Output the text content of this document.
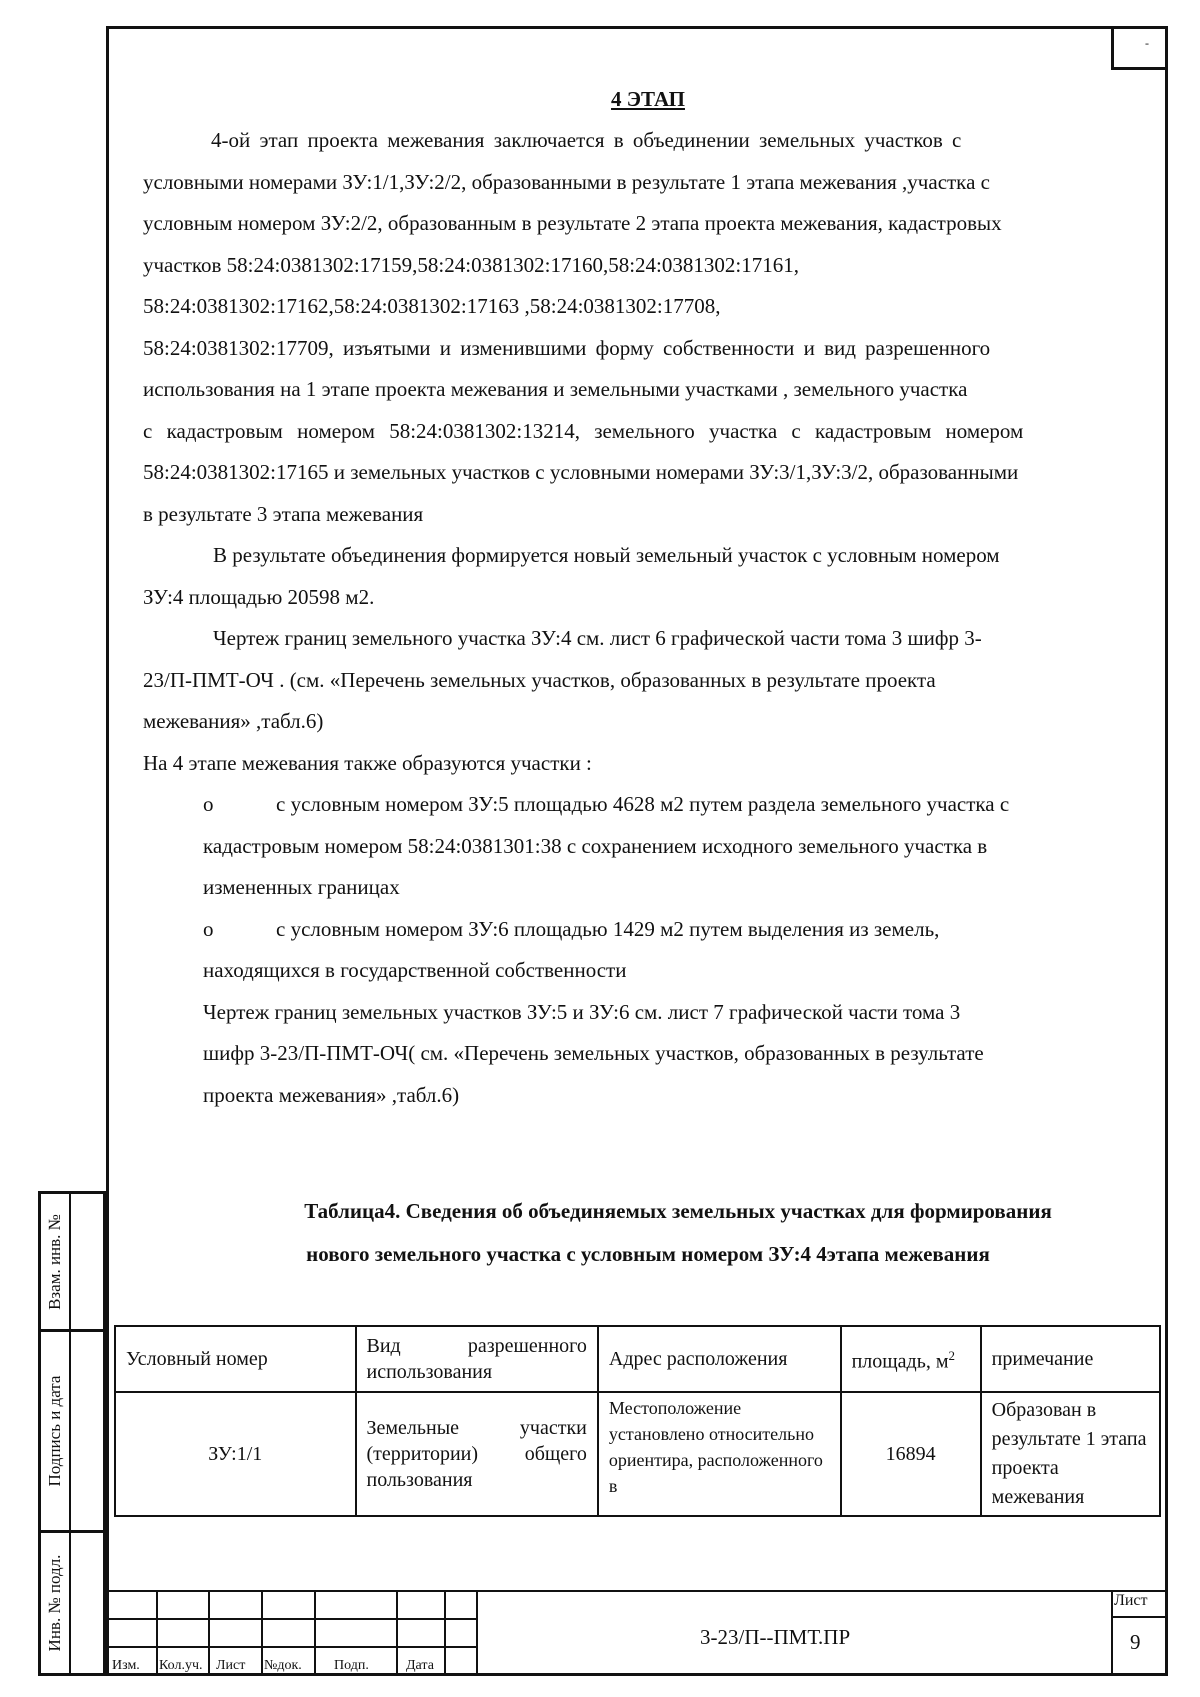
-
Взам. инв. №
Подпись и дата
Инв. № подл.
4 ЭТАП
4-ой этап проекта межевания заключается в объединении земельных участков с
условными номерами ЗУ:1/1,ЗУ:2/2, образованными в результате 1 этапа межевания ,участка с
условным номером ЗУ:2/2, образованным в результате 2 этапа проекта межевания, кадастровых
участков 58:24:0381302:17159,58:24:0381302:17160,58:24:0381302:17161,
58:24:0381302:17162,58:24:0381302:17163 ,58:24:0381302:17708,
58:24:0381302:17709, изъятыми и изменившими форму собственности и вид разрешенного
использования на 1 этапе проекта межевания и земельными участками , земельного участка
с кадастровым номером 58:24:0381302:13214, земельного участка с кадастровым номером
58:24:0381302:17165 и земельных участков с условными номерами ЗУ:3/1,ЗУ:3/2, образованными
в результате 3 этапа межевания
В результате объединения формируется новый земельный участок с условным номером
ЗУ:4 площадью 20598 м2.
Чертеж границ земельного участка ЗУ:4 см. лист 6 графической части тома 3 шифр 3-
23/П-ПМТ-ОЧ . (см. «Перечень земельных участков, образованных в результате проекта
межевания» ,табл.6)
На 4 этапе межевания также образуются участки :
o	с условным номером ЗУ:5 площадью 4628 м2 путем раздела земельного участка с
кадастровым номером 58:24:0381301:38 с сохранением исходного земельного участка в
измененных границах
o	с условным номером ЗУ:6 площадью 1429 м2 путем выделения из земель,
находящихся в государственной собственности
Чертеж границ земельных участков ЗУ:5 и ЗУ:6 см. лист 7 графической части тома 3
шифр 3-23/П-ПМТ-ОЧ( см. «Перечень земельных участков, образованных в результате
проекта межевания» ,табл.6)
Таблица4. Сведения об объединяемых земельных участках для формирования
нового земельного участка с условным номером ЗУ:4 4этапа межевания
Условный номер	Вид разрешенного использования	Адрес расположения	площадь, $м^2$	примечание
ЗУ:1/1	Земельные участки (территории) общего пользования	Местоположение установлено относительно ориентира, расположенного в	16894	Образован в результате 1 этапа проекта межевания
Изм. Кол.уч. Лист №док. Подп.	Дата
3-23/П--ПМТ.ПР
Лист
9
